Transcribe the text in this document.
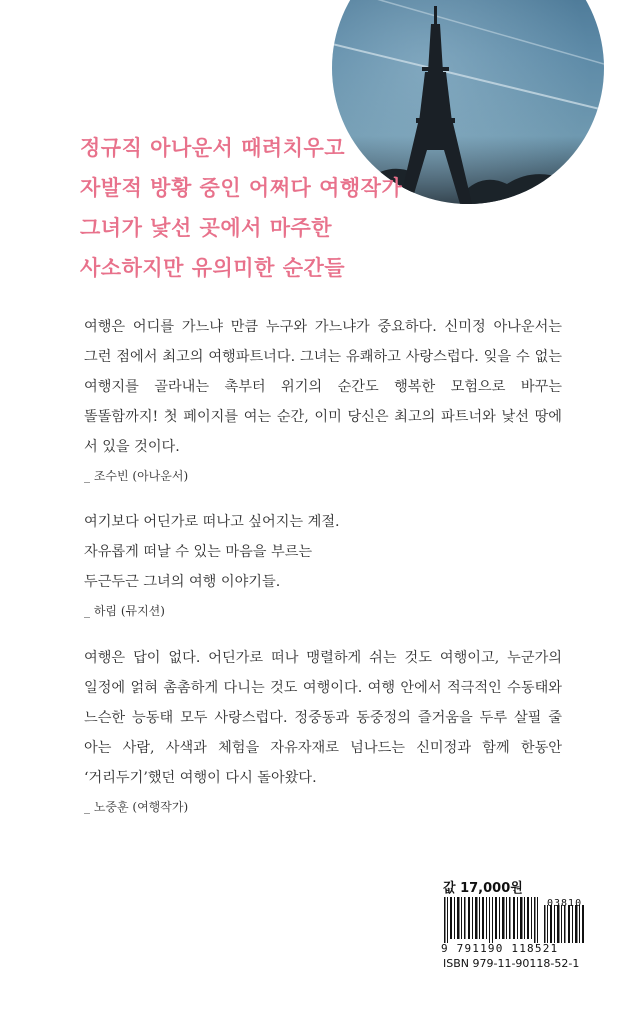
정규직 아나운서 때려치우고
자발적 방황 중인 어쩌다 여행작가
그녀가 낯선 곳에서 마주한
사소하지만 유의미한 순간들
여행은 어디를 가느냐 만큼 누구와 가느냐가 중요하다. 신미정 아나운서는 그런 점에서 최고의 여행파트너다. 그녀는 유쾌하고 사랑스럽다. 잊을 수 없는 여행지를 골라내는 촉부터 위기의 순간도 행복한 모험으로 바꾸는 똘똘함까지! 첫 페이지를 여는 순간, 이미 당신은 최고의 파트너와 낯선 땅에 서 있을 것이다.
_ 조수빈 (아나운서)
여기보다 어딘가로 떠나고 싶어지는 계절.
자유롭게 떠날 수 있는 마음을 부르는
두근두근 그녀의 여행 이야기들.
_ 하림 (뮤지션)
여행은 답이 없다. 어딘가로 떠나 맹렬하게 쉬는 것도 여행이고, 누군가의 일정에 얽혀 촘촘하게 다니는 것도 여행이다. 여행 안에서 적극적인 수동태와 느슨한 능동태 모두 사랑스럽다. 정중동과 동중정의 즐거움을 두루 살필 줄 아는 사람, 사색과 체험을 자유자재로 넘나드는 신미정과 함께 한동안 ‘거리두기’했던 여행이 다시 돌아왔다.
_ 노중훈 (여행작가)
값 17,000원
03810
9 791190 118521
ISBN 979-11-90118-52-1
